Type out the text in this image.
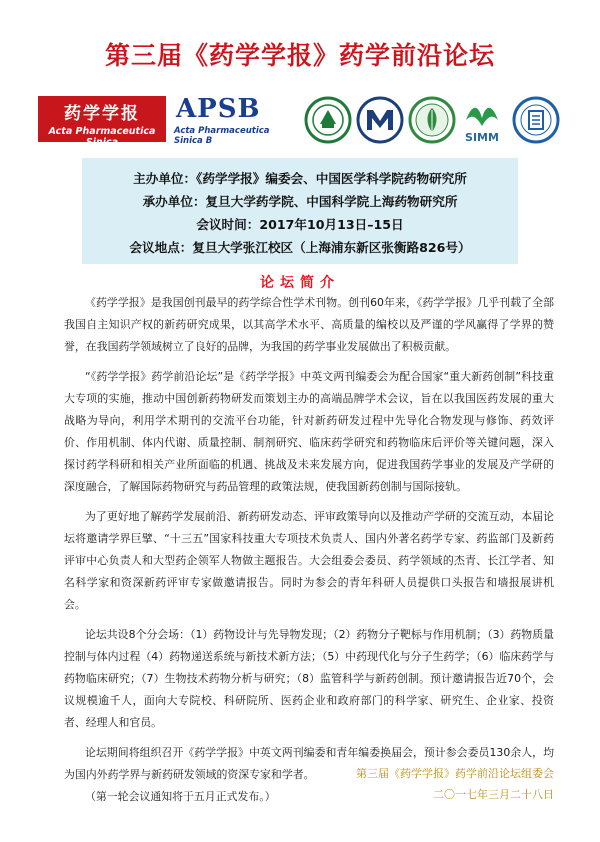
第三届《药学学报》药学前沿论坛
药学学报
Acta Pharmaceutica Sinica
APSB
Acta Pharmaceutica Sinica B	SIMM
主办单位：《药学学报》编委会、中国医学科学院药物研究所
承办单位：复旦大学药学院、中国科学院上海药物研究所
会议时间：2017年10月13日–15日
会议地点：复旦大学张江校区（上海浦东新区张衡路826号）
论坛简介

《药学学报》是我国创刊最早的药学综合性学术刊物。创刊60年来，《药学学报》几乎刊载了全部我国自主知识产权的新药研究成果，以其高学术水平、高质量的编校以及严谨的学风赢得了学界的赞誉，在我国药学领域树立了良好的品牌，为我国的药学事业发展做出了积极贡献。

“《药学学报》药学前沿论坛”是《药学学报》中英文两刊编委会为配合国家“重大新药创制”科技重大专项的实施，推动中国创新药物研发而策划主办的高端品牌学术会议，旨在以我国医药发展的重大战略为导向，利用学术期刊的交流平台功能，针对新药研发过程中先导化合物发现与修饰、药效评价、作用机制、体内代谢、质量控制、制剂研究、临床药学研究和药物临床后评价等关键问题，深入探讨药学科研和相关产业所面临的机遇、挑战及未来发展方向，促进我国药学事业的发展及产学研的深度融合，了解国际药物研究与药品管理的政策法规，使我国新药创制与国际接轨。

为了更好地了解药学发展前沿、新药研发动态、评审政策导向以及推动产学研的交流互动，本届论坛将邀请学界巨擘、“十三五”国家科技重大专项技术负责人、国内外著名药学专家、药监部门及新药评审中心负责人和大型药企领军人物做主题报告。大会组委会委员、药学领域的杰青、长江学者、知名科学家和资深新药评审专家做邀请报告。同时为参会的青年科研人员提供口头报告和墙报展讲机会。

论坛共设8个分会场：（1）药物设计与先导物发现；（2）药物分子靶标与作用机制；（3）药物质量控制与体内过程（4）药物递送系统与新技术新方法；（5）中药现代化与分子生药学；（6）临床药学与药物临床研究；（7）生物技术药物分析与研究；（8）监管科学与新药创制。预计邀请报告近70个，会议规模逾千人，面向大专院校、科研院所、医药企业和政府部门的科学家、研究生、企业家、投资者、经理人和官员。

论坛期间将组织召开《药学学报》中英文两刊编委和青年编委换届会，预计参会委员130余人，均为国内外药学界与新药研发领域的资深专家和学者。

（第一轮会议通知将于五月正式发布。）

第三届《药学学报》药学前沿论坛组委会
二〇一七年三月二十八日
